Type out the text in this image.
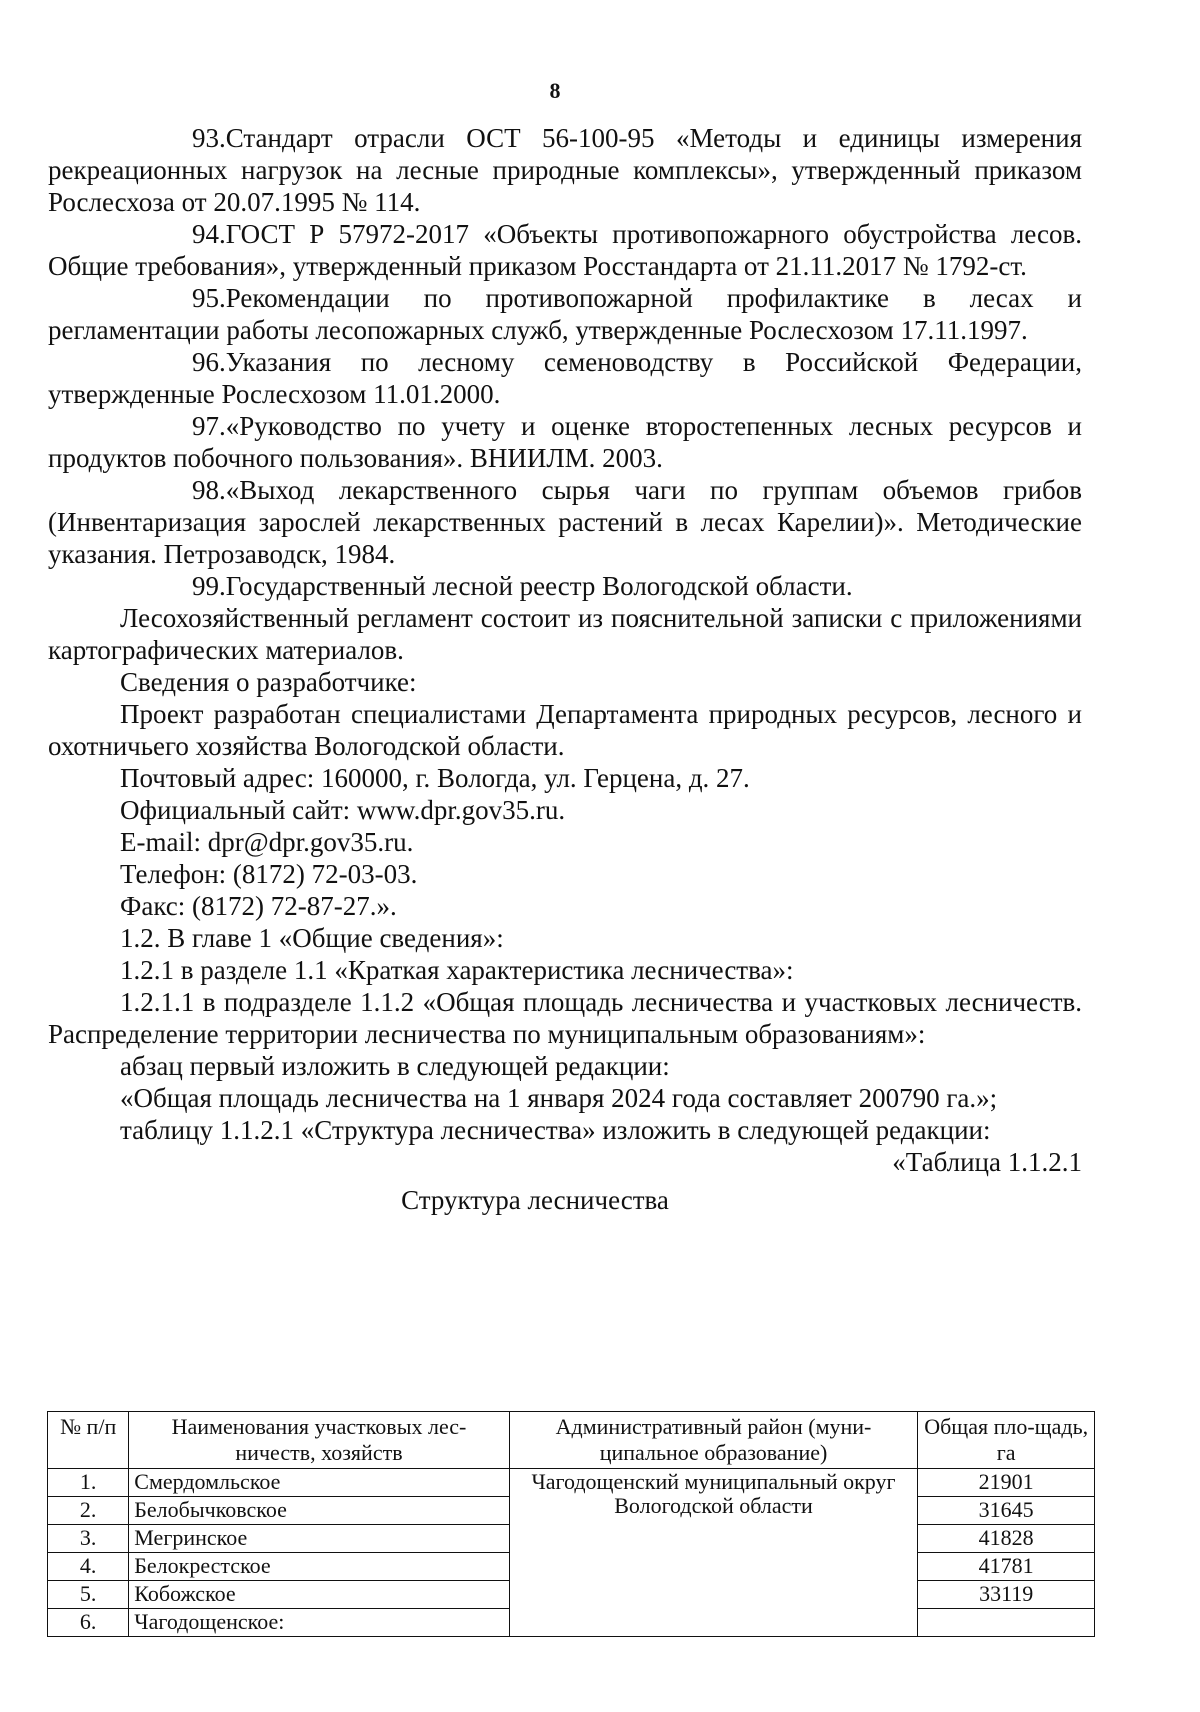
8

93.Стандарт отрасли ОСТ 56-100-95 «Методы и единицы измерения рекреационных нагрузок на лесные природные комплексы», утвержденный приказом Рослесхоза от 20.07.1995 № 114.

94.ГОСТ Р 57972-2017 «Объекты противопожарного обустройства лесов. Общие требования», утвержденный приказом Росстандарта от 21.11.2017 № 1792-ст.

95.Рекомендации по противопожарной профилактике в лесах и регламентации работы лесопожарных служб, утвержденные Рослесхозом 17.11.1997.

96.Указания по лесному семеноводству в Российской Федерации, утвержденные Рослесхозом 11.01.2000.

97.«Руководство по учету и оценке второстепенных лесных ресурсов и продуктов побочного пользования». ВНИИЛМ. 2003.

98.«Выход лекарственного сырья чаги по группам объемов грибов (Инвентаризация зарослей лекарственных растений в лесах Карелии)». Методические указания. Петрозаводск, 1984.

99.Государственный лесной реестр Вологодской области.

Лесохозяйственный регламент состоит из пояснительной записки с приложениями картографических материалов.

Сведения о разработчике:

Проект разработан специалистами Департамента природных ресурсов, лесного и охотничьего хозяйства Вологодской области.

Почтовый адрес: 160000, г. Вологда, ул. Герцена, д. 27.

Официальный сайт: www.dpr.gov35.ru.

E-mail: dpr@dpr.gov35.ru.

Телефон: (8172) 72-03-03.

Факс: (8172) 72-87-27.».

1.2. В главе 1 «Общие сведения»:

1.2.1 в разделе 1.1 «Краткая характеристика лесничества»:

1.2.1.1 в подразделе 1.1.2 «Общая площадь лесничества и участковых лесничеств. Распределение территории лесничества по муниципальным образованиям»:

абзац первый изложить в следующей редакции:

«Общая площадь лесничества на 1 января 2024 года составляет 200790 га.»;

таблицу 1.1.2.1 «Структура лесничества» изложить в следующей редакции:

«Таблица 1.1.2.1

Структура лесничества

№ п/п	Наименования участковых лес-ничеств, хозяйств	Административный район (муни-ципальное образование)	Общая пло-щадь, га
1.	Смердомльское	Чагодощенский муниципальный округ Вологодской области	21901
2.	Белобычковское		31645
3.	Мегринское		41828
4.	Белокрестское		41781
5.	Кобожское		33119
6.	Чагодощенское:		
